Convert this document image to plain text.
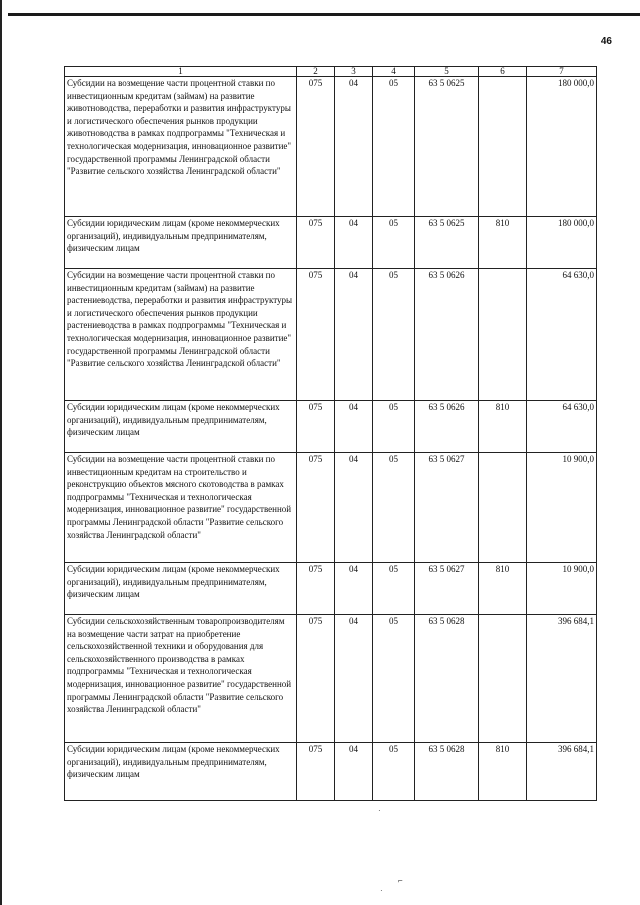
46
1	2	3	4	5	6	7
Субсидии на возмещение части процентной ставки по инвестиционным кредитам (займам) на развитие животноводства, переработки и развития инфраструктуры и логистического обеспечения рынков продукции животноводства в рамках подпрограммы "Техническая и технологическая модернизация, инновационное развитие" государственной программы Ленинградской области "Развитие сельского хозяйства Ленинградской области"	075	04	05	63 5 0625		180 000,0
Субсидии юридическим лицам (кроме некоммерческих организаций), индивидуальным предпринимателям, физическим лицам	075	04	05	63 5 0625	810	180 000,0
Субсидии на возмещение части процентной ставки по инвестиционным кредитам (займам) на развитие растениеводства, переработки и развития инфраструктуры и логистического обеспечения рынков продукции растениеводства в рамках подпрограммы "Техническая и технологическая модернизация, инновационное развитие" государственной программы Ленинградской области "Развитие сельского хозяйства Ленинградской области"	075	04	05	63 5 0626		64 630,0
Субсидии юридическим лицам (кроме некоммерческих организаций), индивидуальным предпринимателям, физическим лицам	075	04	05	63 5 0626	810	64 630,0
Субсидии на возмещение части процентной ставки по инвестиционным кредитам на строительство и реконструкцию объектов мясного скотоводства в рамках подпрограммы "Техническая и технологическая модернизация, инновационное развитие" государственной программы Ленинградской области "Развитие сельского хозяйства Ленинградской области"	075	04	05	63 5 0627		10 900,0
Субсидии юридическим лицам (кроме некоммерческих организаций), индивидуальным предпринимателям, физическим лицам	075	04	05	63 5 0627	810	10 900,0
Субсидии сельскохозяйственным товаропроизводителям на возмещение части затрат на приобретение сельскохозяйственной техники и оборудования для сельскохозяйственного производства в рамках подпрограммы "Техническая и технологическая модернизация, инновационное развитие" государственной программы Ленинградской области "Развитие сельского хозяйства Ленинградской области"	075	04	05	63 5 0628		396 684,1
Субсидии юридическим лицам (кроме некоммерческих организаций), индивидуальным предпринимателям, физическим лицам	075	04	05	63 5 0628	810	396 684,1
·
⌐
·
